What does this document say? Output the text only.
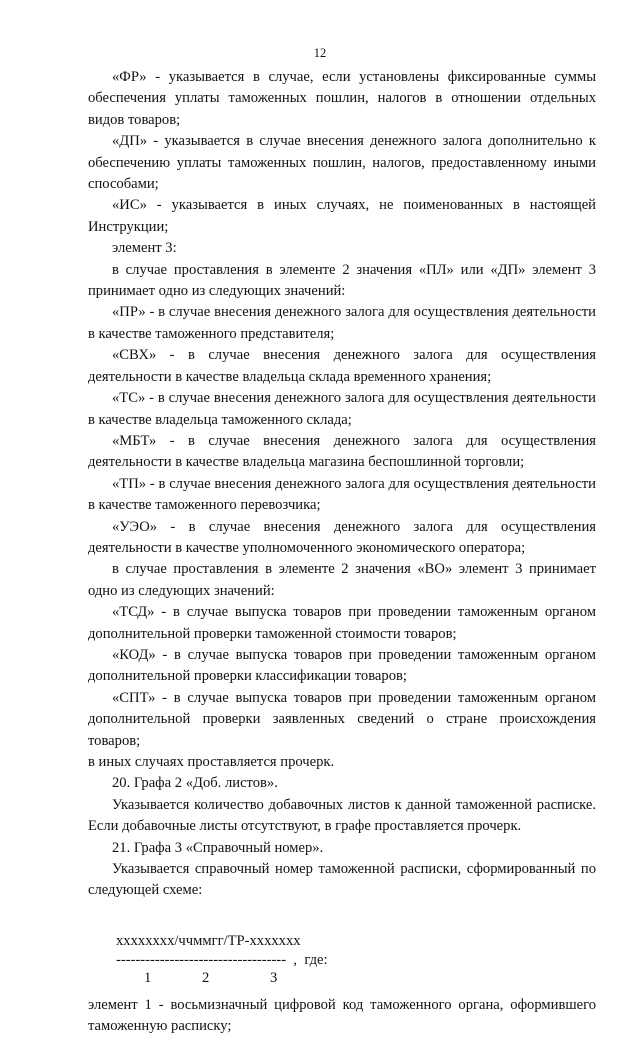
12

«ФР» - указывается в случае, если установлены фиксированные суммы обеспечения уплаты таможенных пошлин, налогов в отношении отдельных видов товаров;

«ДП» - указывается в случае внесения денежного залога дополнительно к обеспечению уплаты таможенных пошлин, налогов, предоставленному иными способами;

«ИС» - указывается в иных случаях, не поименованных в настоящей Инструкции;

элемент 3:

в случае проставления в элементе 2 значения «ПЛ» или «ДП» элемент 3 принимает одно из следующих значений:

«ПР» - в случае внесения денежного залога для осуществления деятельности в качестве таможенного представителя;

«СВХ» - в случае внесения денежного залога для осуществления деятельности в качестве владельца склада временного хранения;

«ТС» - в случае внесения денежного залога для осуществления деятельности в качестве владельца таможенного склада;

«МБТ» - в случае внесения денежного залога для осуществления деятельности в качестве владельца магазина беспошлинной торговли;

«ТП» - в случае внесения денежного залога для осуществления деятельности в качестве таможенного перевозчика;

«УЭО» - в случае внесения денежного залога для осуществления деятельности в качестве уполномоченного экономического оператора;

в случае проставления в элементе 2 значения «ВО» элемент 3 принимает одно из следующих значений:

«ТСД» - в случае выпуска товаров при проведении таможенным органом дополнительной проверки таможенной стоимости товаров;

«КОД» - в случае выпуска товаров при проведении таможенным органом дополнительной проверки классификации товаров;

«СПТ» - в случае выпуска товаров при проведении таможенным органом дополнительной проверки заявленных сведений о стране происхождения товаров;

в иных случаях проставляется прочерк.

20. Графа 2 «Доб. листов».

Указывается количество добавочных листов к данной таможенной расписке. Если добавочные листы отсутствуют, в графе проставляется прочерк.

21. Графа 3 «Справочный номер».

Указывается справочный номер таможенной расписки, сформированный по следующей схеме:

xxxxxxxx/ччммгг/ТР-xxxxxxx
-----------------------------------  ,  где:
1	2	3

элемент 1 - восьмизначный цифровой код таможенного органа, оформившего таможенную расписку;
